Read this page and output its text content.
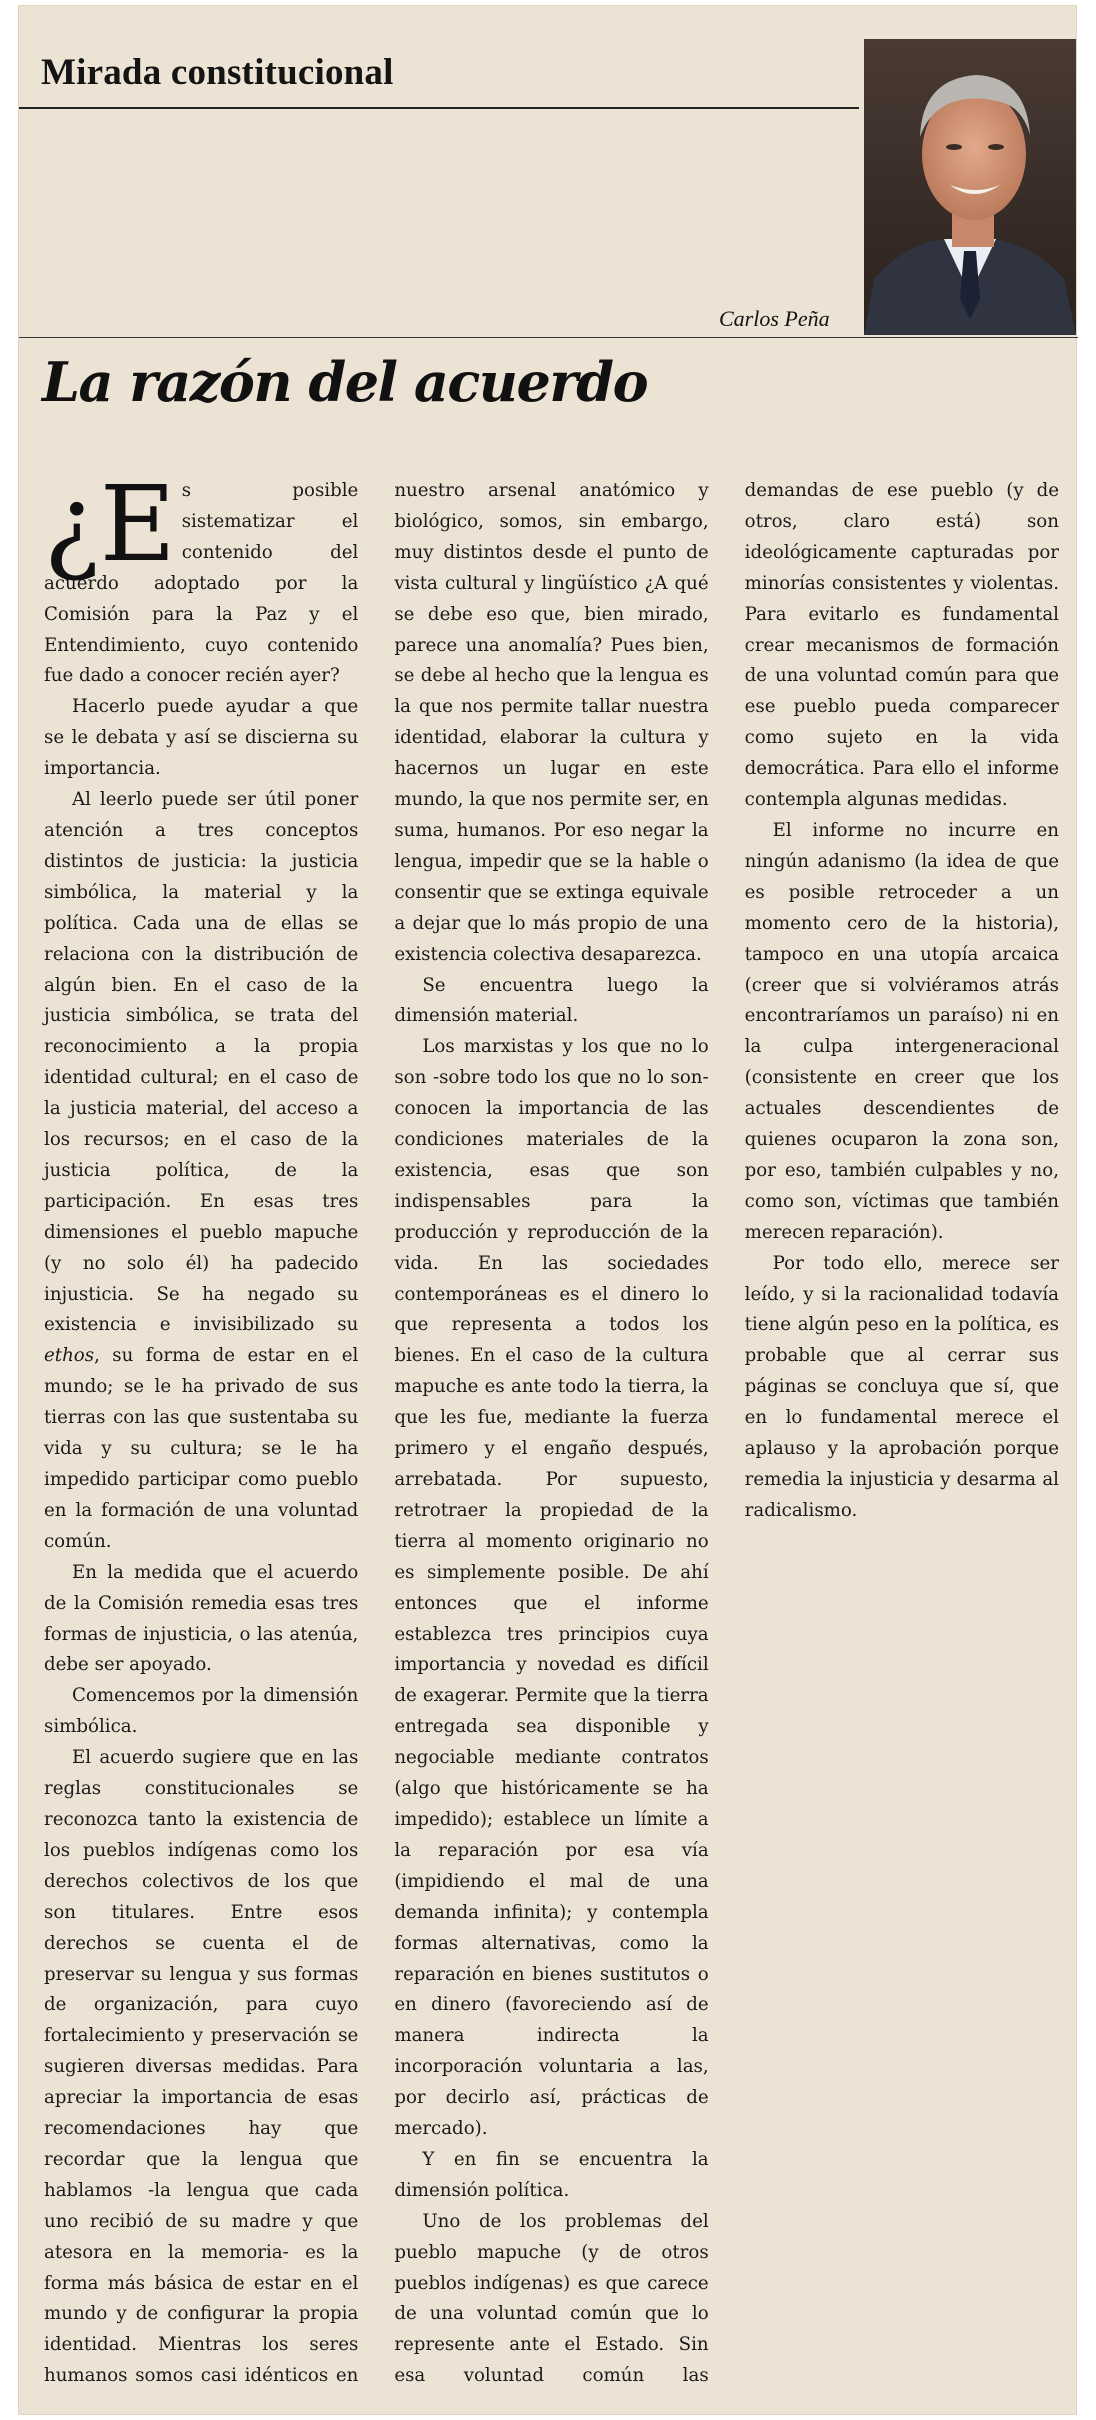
Mirada constitucional
Carlos Peña
La razón del acuerdo

¿E s posible sistematizar el contenido del acuerdo adoptado por la Comisión para la Paz y el Entendimiento, cuyo contenido fue dado a conocer recién ayer?

Hacerlo puede ayudar a que se le debata y así se discierna su importancia.

Al leerlo puede ser útil poner atención a tres conceptos distintos de justicia: la justicia simbólica, la material y la política. Cada una de ellas se relaciona con la distribución de algún bien. En el caso de la justicia simbólica, se trata del reconocimiento a la propia identidad cultural; en el caso de la justicia material, del acceso a los recursos; en el caso de la justicia política, de la participación. En esas tres dimensiones el pueblo mapuche (y no solo él) ha padecido injusticia. Se ha negado su existencia e invisibilizado su ethos, su forma de estar en el mundo; se le ha privado de sus tierras con las que sustentaba su vida y su cultura; se le ha impedido participar como pueblo en la formación de una voluntad común.

En la medida que el acuerdo de la Comisión remedia esas tres formas de injusticia, o las atenúa, debe ser apoyado.

Comencemos por la dimensión simbólica.

El acuerdo sugiere que en las reglas constitucionales se reconozca tanto la existencia de los pueblos indígenas como los derechos colectivos de los que son titulares. Entre esos derechos se cuenta el de preservar su lengua y sus formas de organización, para cuyo fortalecimiento y preservación se sugieren diversas medidas. Para apreciar la importancia de esas recomendaciones hay que recordar que la lengua que hablamos -la lengua que cada uno recibió de su madre y que atesora en la memoria- es la forma más básica de estar en el mundo y de configurar la propia identidad. Mientras los seres humanos somos casi idénticos en nuestro arsenal anatómico y biológico, somos, sin embargo, muy distintos desde el punto de vista cultural y lingüístico ¿A qué se debe eso que, bien mirado, parece una anomalía? Pues bien, se debe al hecho que la lengua es la que nos permite tallar nuestra identidad, elaborar la cultura y hacernos un lugar en este mundo, la que nos permite ser, en suma, humanos. Por eso negar la lengua, impedir que se la hable o consentir que se extinga equivale a dejar que lo más propio de una existencia colectiva desaparezca.

Se encuentra luego la dimensión material.

Los marxistas y los que no lo son -sobre todo los que no lo son- conocen la importancia de las condiciones materiales de la existencia, esas que son indispensables para la producción y reproducción de la vida. En las sociedades contemporáneas es el dinero lo que representa a todos los bienes. En el caso de la cultura mapuche es ante todo la tierra, la que les fue, mediante la fuerza primero y el engaño después, arrebatada. Por supuesto, retrotraer la propiedad de la tierra al momento originario no es simplemente posible. De ahí entonces que el informe establezca tres principios cuya importancia y novedad es difícil de exagerar. Permite que la tierra entregada sea disponible y negociable mediante contratos (algo que históricamente se ha impedido); establece un límite a la reparación por esa vía (impidiendo el mal de una demanda infinita); y contempla formas alternativas, como la reparación en bienes sustitutos o en dinero (favoreciendo así de manera indirecta la incorporación voluntaria a las, por decirlo así, prácticas de mercado).

Y en fin se encuentra la dimensión política.

Uno de los problemas del pueblo mapuche (y de otros pueblos indígenas) es que carece de una voluntad común que lo represente ante el Estado. Sin esa voluntad común las demandas de ese pueblo (y de otros, claro está) son ideológicamente capturadas por minorías consistentes y violentas. Para evitarlo es fundamental crear mecanismos de formación de una voluntad común para que ese pueblo pueda comparecer como sujeto en la vida democrática. Para ello el informe contempla algunas medidas.

El informe no incurre en ningún adanismo (la idea de que es posible retroceder a un momento cero de la historia), tampoco en una utopía arcaica (creer que si volviéramos atrás encontraríamos un paraíso) ni en la culpa intergeneracional (consistente en creer que los actuales descendientes de quienes ocuparon la zona son, por eso, también culpables y no, como son, víctimas que también merecen reparación).

Por todo ello, merece ser leído, y si la racionalidad todavía tiene algún peso en la política, es probable que al cerrar sus páginas se concluya que sí, que en lo fundamental merece el aplauso y la aprobación porque remedia la injusticia y desarma al radicalismo.
